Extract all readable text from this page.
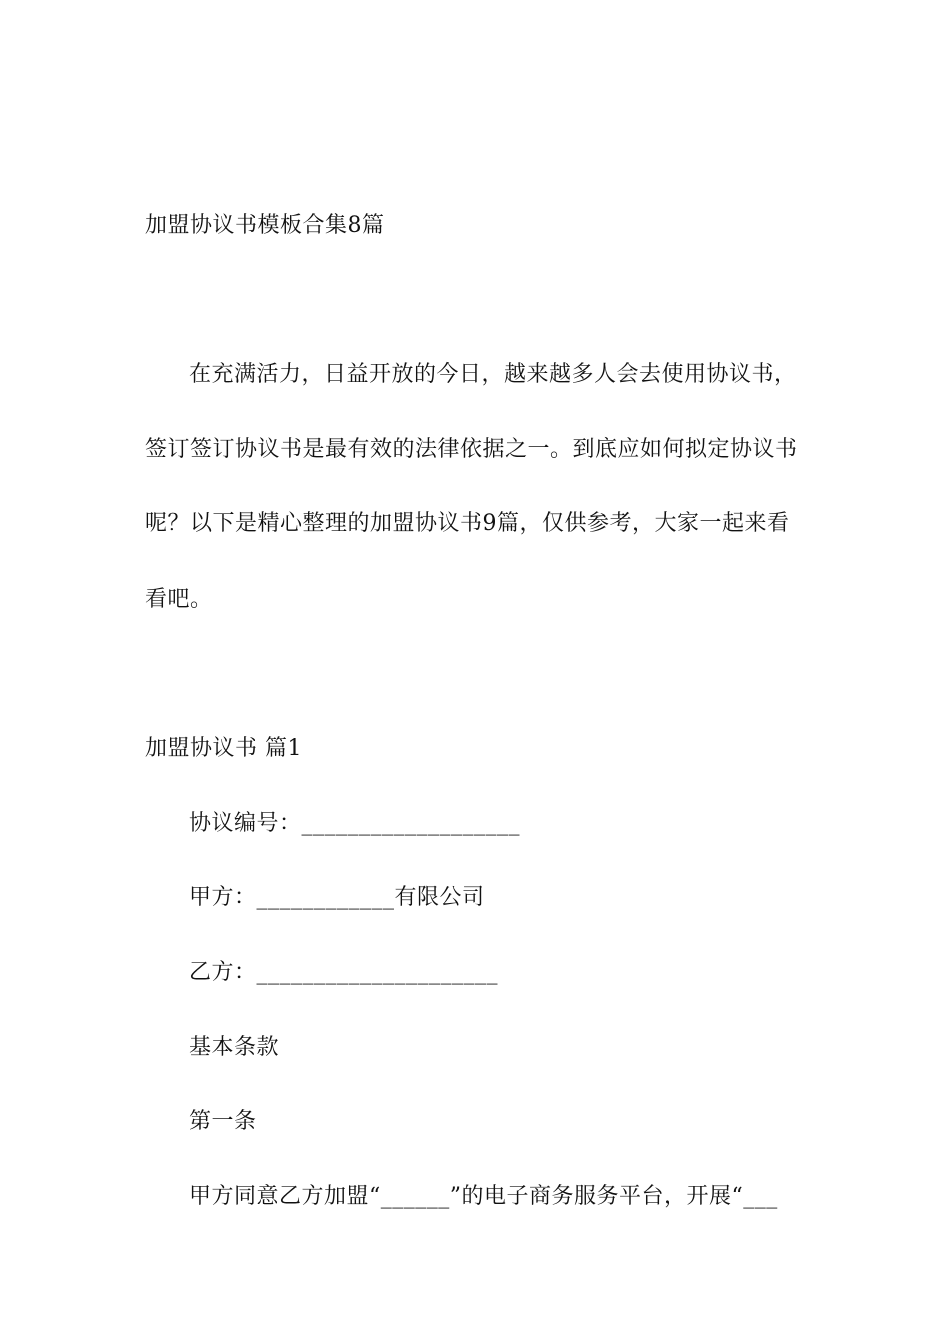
加盟协议书模板合集8篇
在充满活力，日益开放的今日，越来越多人会去使用协议书，
签订签订协议书是最有效的法律依据之一。到底应如何拟定协议书
呢？以下是精心整理的加盟协议书9篇，仅供参考，大家一起来看
看吧。
加盟协议书 篇1
协议编号：___________________
甲方：____________有限公司
乙方：_____________________
基本条款
第一条
甲方同意乙方加盟“______”的电子商务服务平台，开展“___
